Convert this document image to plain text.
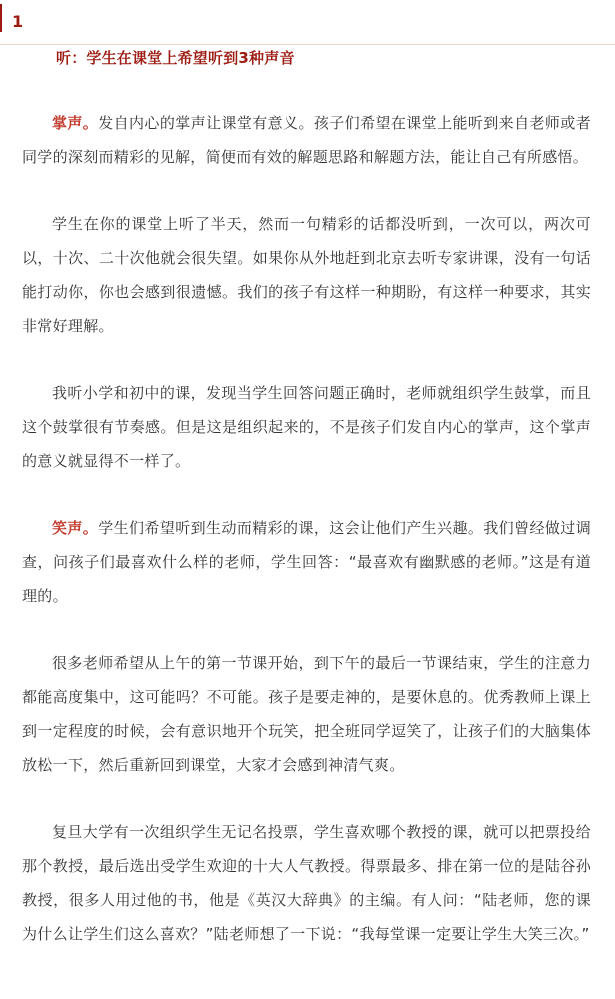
1
听：学生在课堂上希望听到3种声音

掌声。发自内心的掌声让课堂有意义。孩子们希望在课堂上能听到来自老师或者同学的深刻而精彩的见解，简便而有效的解题思路和解题方法，能让自己有所感悟。

学生在你的课堂上听了半天，然而一句精彩的话都没听到，一次可以，两次可以，十次、二十次他就会很失望。如果你从外地赶到北京去听专家讲课，没有一句话能打动你，你也会感到很遗憾。我们的孩子有这样一种期盼，有这样一种要求，其实非常好理解。

我听小学和初中的课，发现当学生回答问题正确时，老师就组织学生鼓掌，而且这个鼓掌很有节奏感。但是这是组织起来的，不是孩子们发自内心的掌声，这个掌声的意义就显得不一样了。

笑声。学生们希望听到生动而精彩的课，这会让他们产生兴趣。我们曾经做过调查，问孩子们最喜欢什么样的老师，学生回答：“最喜欢有幽默感的老师。”这是有道理的。

很多老师希望从上午的第一节课开始，到下午的最后一节课结束，学生的注意力都能高度集中，这可能吗？不可能。孩子是要走神的，是要休息的。优秀教师上课上到一定程度的时候，会有意识地开个玩笑，把全班同学逗笑了，让孩子们的大脑集体放松一下，然后重新回到课堂，大家才会感到神清气爽。

复旦大学有一次组织学生无记名投票，学生喜欢哪个教授的课，就可以把票投给那个教授，最后选出受学生欢迎的十大人气教授。得票最多、排在第一位的是陆谷孙教授，很多人用过他的书，他是《英汉大辞典》的主编。有人问：“陆老师，您的课为什么让学生们这么喜欢？”陆老师想了一下说：“我每堂课一定要让学生大笑三次。”
